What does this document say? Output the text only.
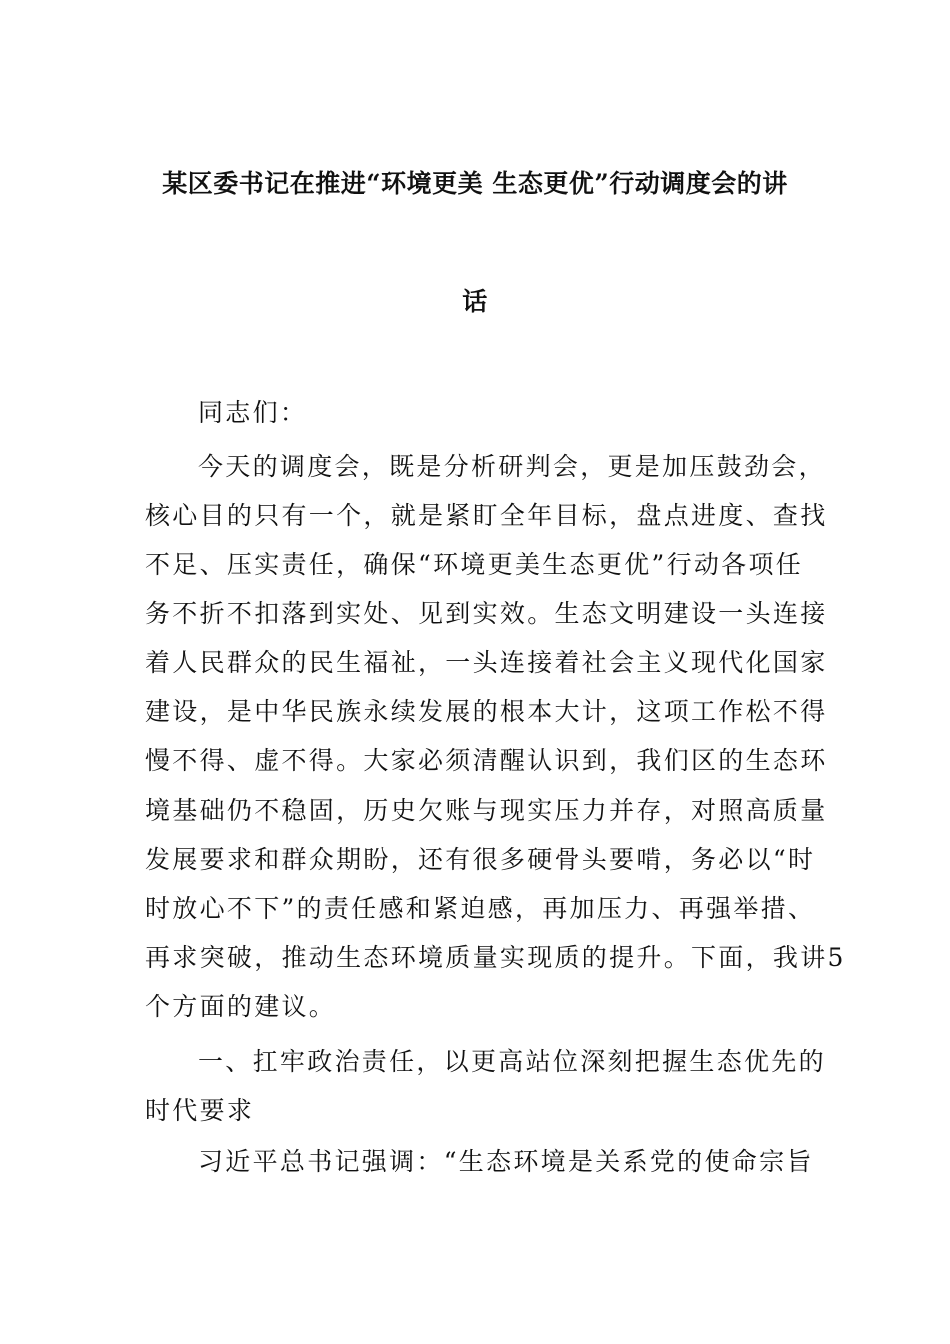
某区委书记在推进“环境更美 生态更优”行动调度会的讲
话
同志们：
今天的调度会，既是分析研判会，更是加压鼓劲会，
核心目的只有一个，就是紧盯全年目标，盘点进度、查找
不足、压实责任，确保“环境更美生态更优”行动各项任
务不折不扣落到实处、见到实效。生态文明建设一头连接
着人民群众的民生福祉，一头连接着社会主义现代化国家
建设，是中华民族永续发展的根本大计，这项工作松不得
慢不得、虚不得。大家必须清醒认识到，我们区的生态环
境基础仍不稳固，历史欠账与现实压力并存，对照高质量
发展要求和群众期盼，还有很多硬骨头要啃，务必以“时
时放心不下”的责任感和紧迫感，再加压力、再强举措、
再求突破，推动生态环境质量实现质的提升。下面，我讲5
个方面的建议。
一、扛牢政治责任，以更高站位深刻把握生态优先的
时代要求
习近平总书记强调：“生态环境是关系党的使命宗旨
